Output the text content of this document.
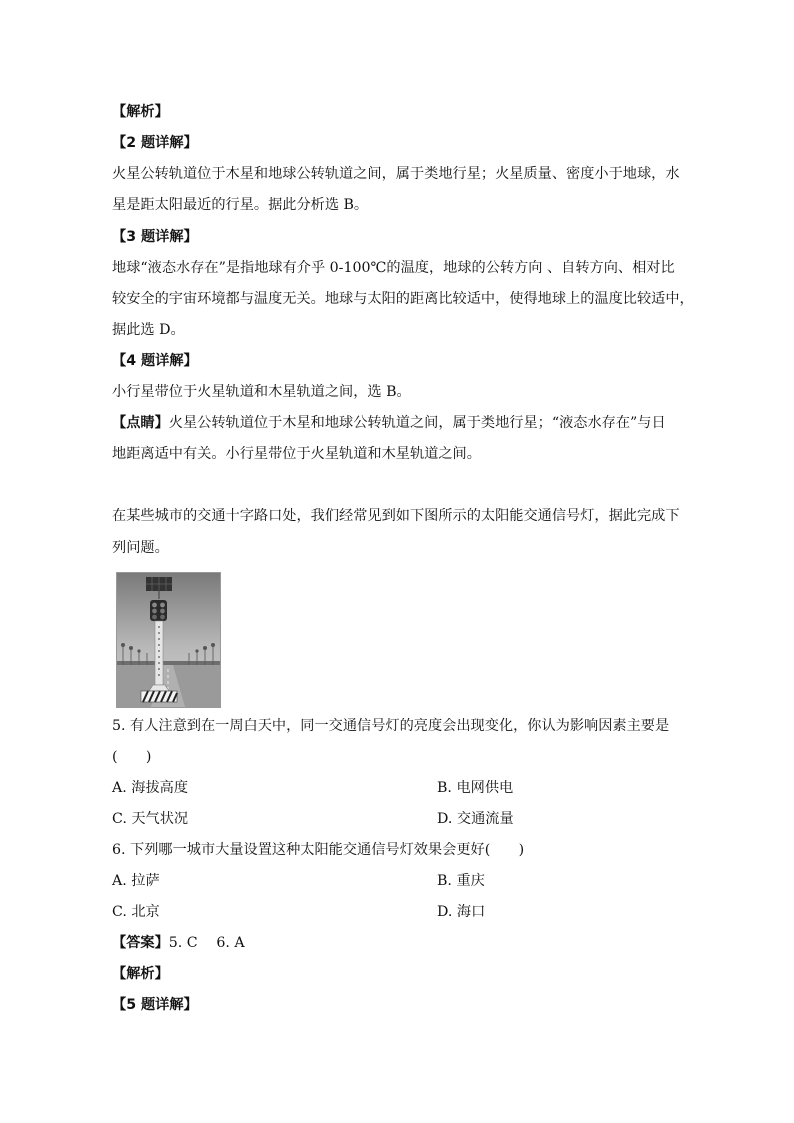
【解析】
【2 题详解】
火星公转轨道位于木星和地球公转轨道之间，属于类地行星；火星质量、密度小于地球，水
星是距太阳最近的行星。据此分析选 B。
【3 题详解】
地球“液态水存在”是指地球有介乎 0-100℃的温度，地球的公转方向 、自转方向、相对比
较安全的宇宙环境都与温度无关。地球与太阳的距离比较适中，使得地球上的温度比较适中，
据此选 D。
【4 题详解】
小行星带位于火星轨道和木星轨道之间，选 B。
【点睛】火星公转轨道位于木星和地球公转轨道之间，属于类地行星；“液态水存在”与日
地距离适中有关。小行星带位于火星轨道和木星轨道之间。
在某些城市的交通十字路口处，我们经常见到如下图所示的太阳能交通信号灯，据此完成下
列问题。
5. 有人注意到在一周白天中，同一交通信号灯的亮度会出现变化，你认为影响因素主要是
(　　)
A. 海拔高度	B. 电网供电
C. 天气状况	D. 交通流量
6. 下列哪一城市大量设置这种太阳能交通信号灯效果会更好(　　)
A. 拉萨	B. 重庆
C. 北京	D. 海口
【答案】5. C　 6. A
【解析】
【5 题详解】
